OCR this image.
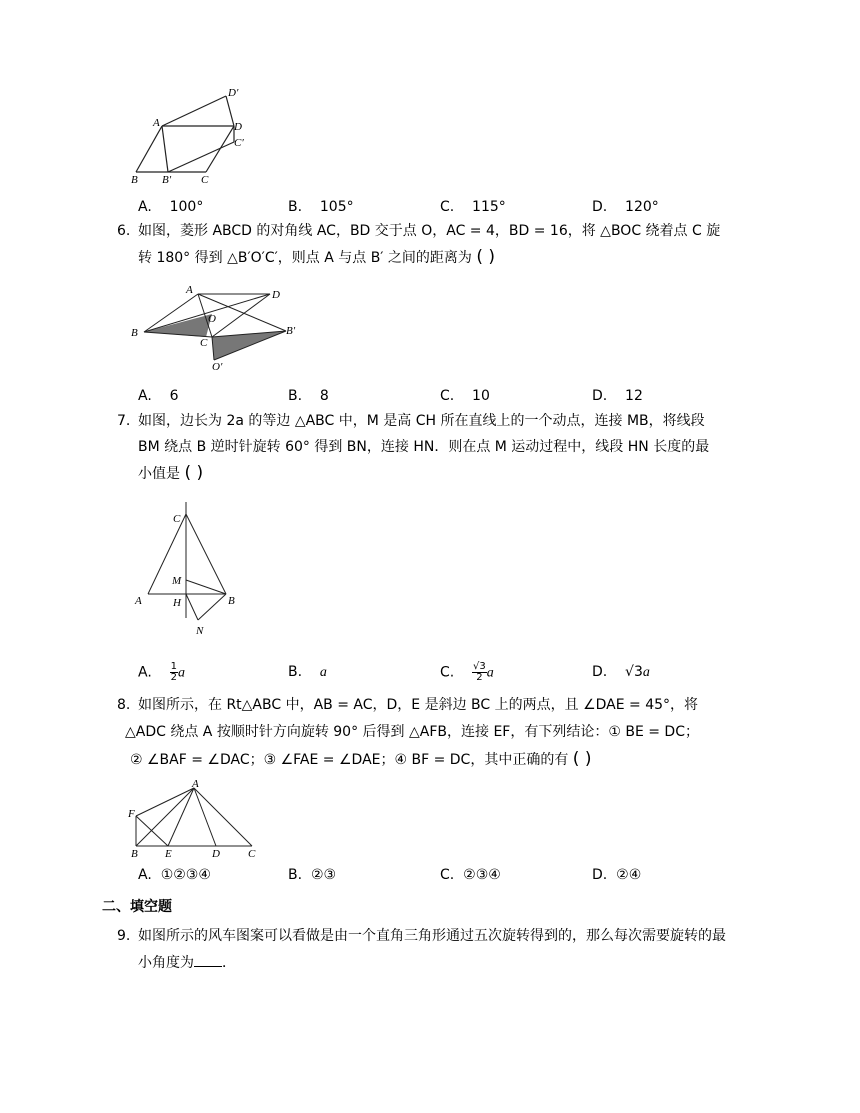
A
B B′	C
C′
D
D′
A. 100°	B. 105°	C. 115°	D. 120°
6. 如图，菱形 ABCD 的对角线 AC，BD 交于点 O，AC = 4，BD = 16，将 △BOC 绕着点 C 旋
转 180° 得到 △B′O′C′，则点 A 与点 B′ 之间的距离为 ( )
A
B
C
D
O
B′
O′
A. 6	B. 8	C. 10	D. 12
7. 如图，边长为 2a 的等边 △ABC 中，M 是高 CH 所在直线上的一个动点，连接 MB，将线段
BM 绕点 B 逆时针旋转 60° 得到 BN，连接 HN．则在点 M 运动过程中，线段 HN 长度的最
小值是 ( )
C
A	B
H
M
N
A. $\frac{1}{2}$ a	B. a	C. $\frac{√3}{2}$ a	D. √3a
8. 如图所示，在 Rt△ABC 中，AB = AC，D，E 是斜边 BC 上的两点，且 ∠DAE = 45°，将
△ADC 绕点 A 按顺时针方向旋转 90° 后得到 △AFB，连接 EF，有下列结论：① BE = DC；
② ∠BAF = ∠DAC；③ ∠FAE = ∠DAE；④ BF = DC，其中正确的有 ( )
A
F
B E	D	C
A. ①②③④	B. ②③	C. ②③④	D. ②④
二、填空题
9. 如图所示的风车图案可以看做是由一个直角三角形通过五次旋转得到的，那么每次需要旋转的最
小角度为 ．
